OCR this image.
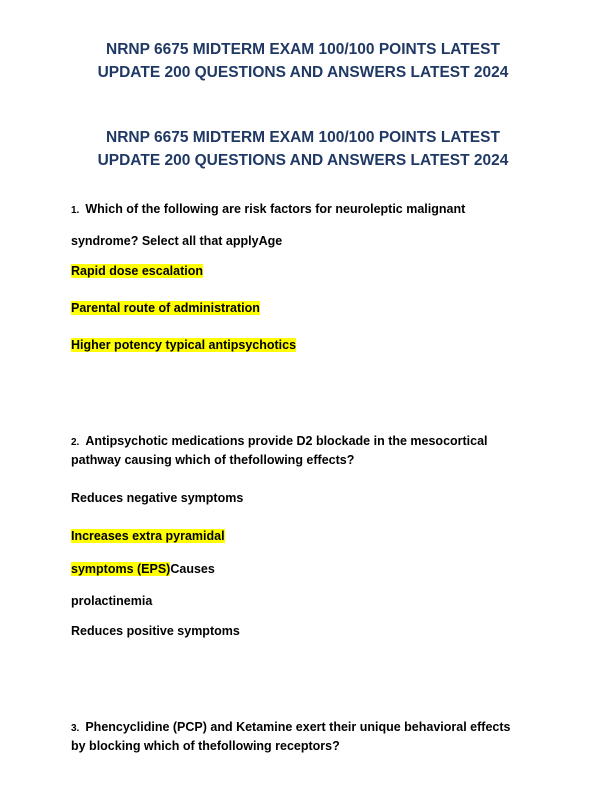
NRNP 6675 MIDTERM EXAM 100/100 POINTS LATEST
UPDATE 200 QUESTIONS AND ANSWERS LATEST 2024
NRNP 6675 MIDTERM EXAM 100/100 POINTS LATEST
UPDATE 200 QUESTIONS AND ANSWERS LATEST 2024
1. Which of the following are risk factors for neuroleptic malignant
syndrome? Select all that applyAge
Rapid dose escalation
Parental route of administration
Higher potency typical antipsychotics
2. Antipsychotic medications provide D2 blockade in the mesocortical
pathway causing which of thefollowing effects?
Reduces negative symptoms
Increases extra pyramidal
symptoms (EPS)Causes
prolactinemia
Reduces positive symptoms
3. Phencyclidine (PCP) and Ketamine exert their unique behavioral effects
by blocking which of thefollowing receptors?
